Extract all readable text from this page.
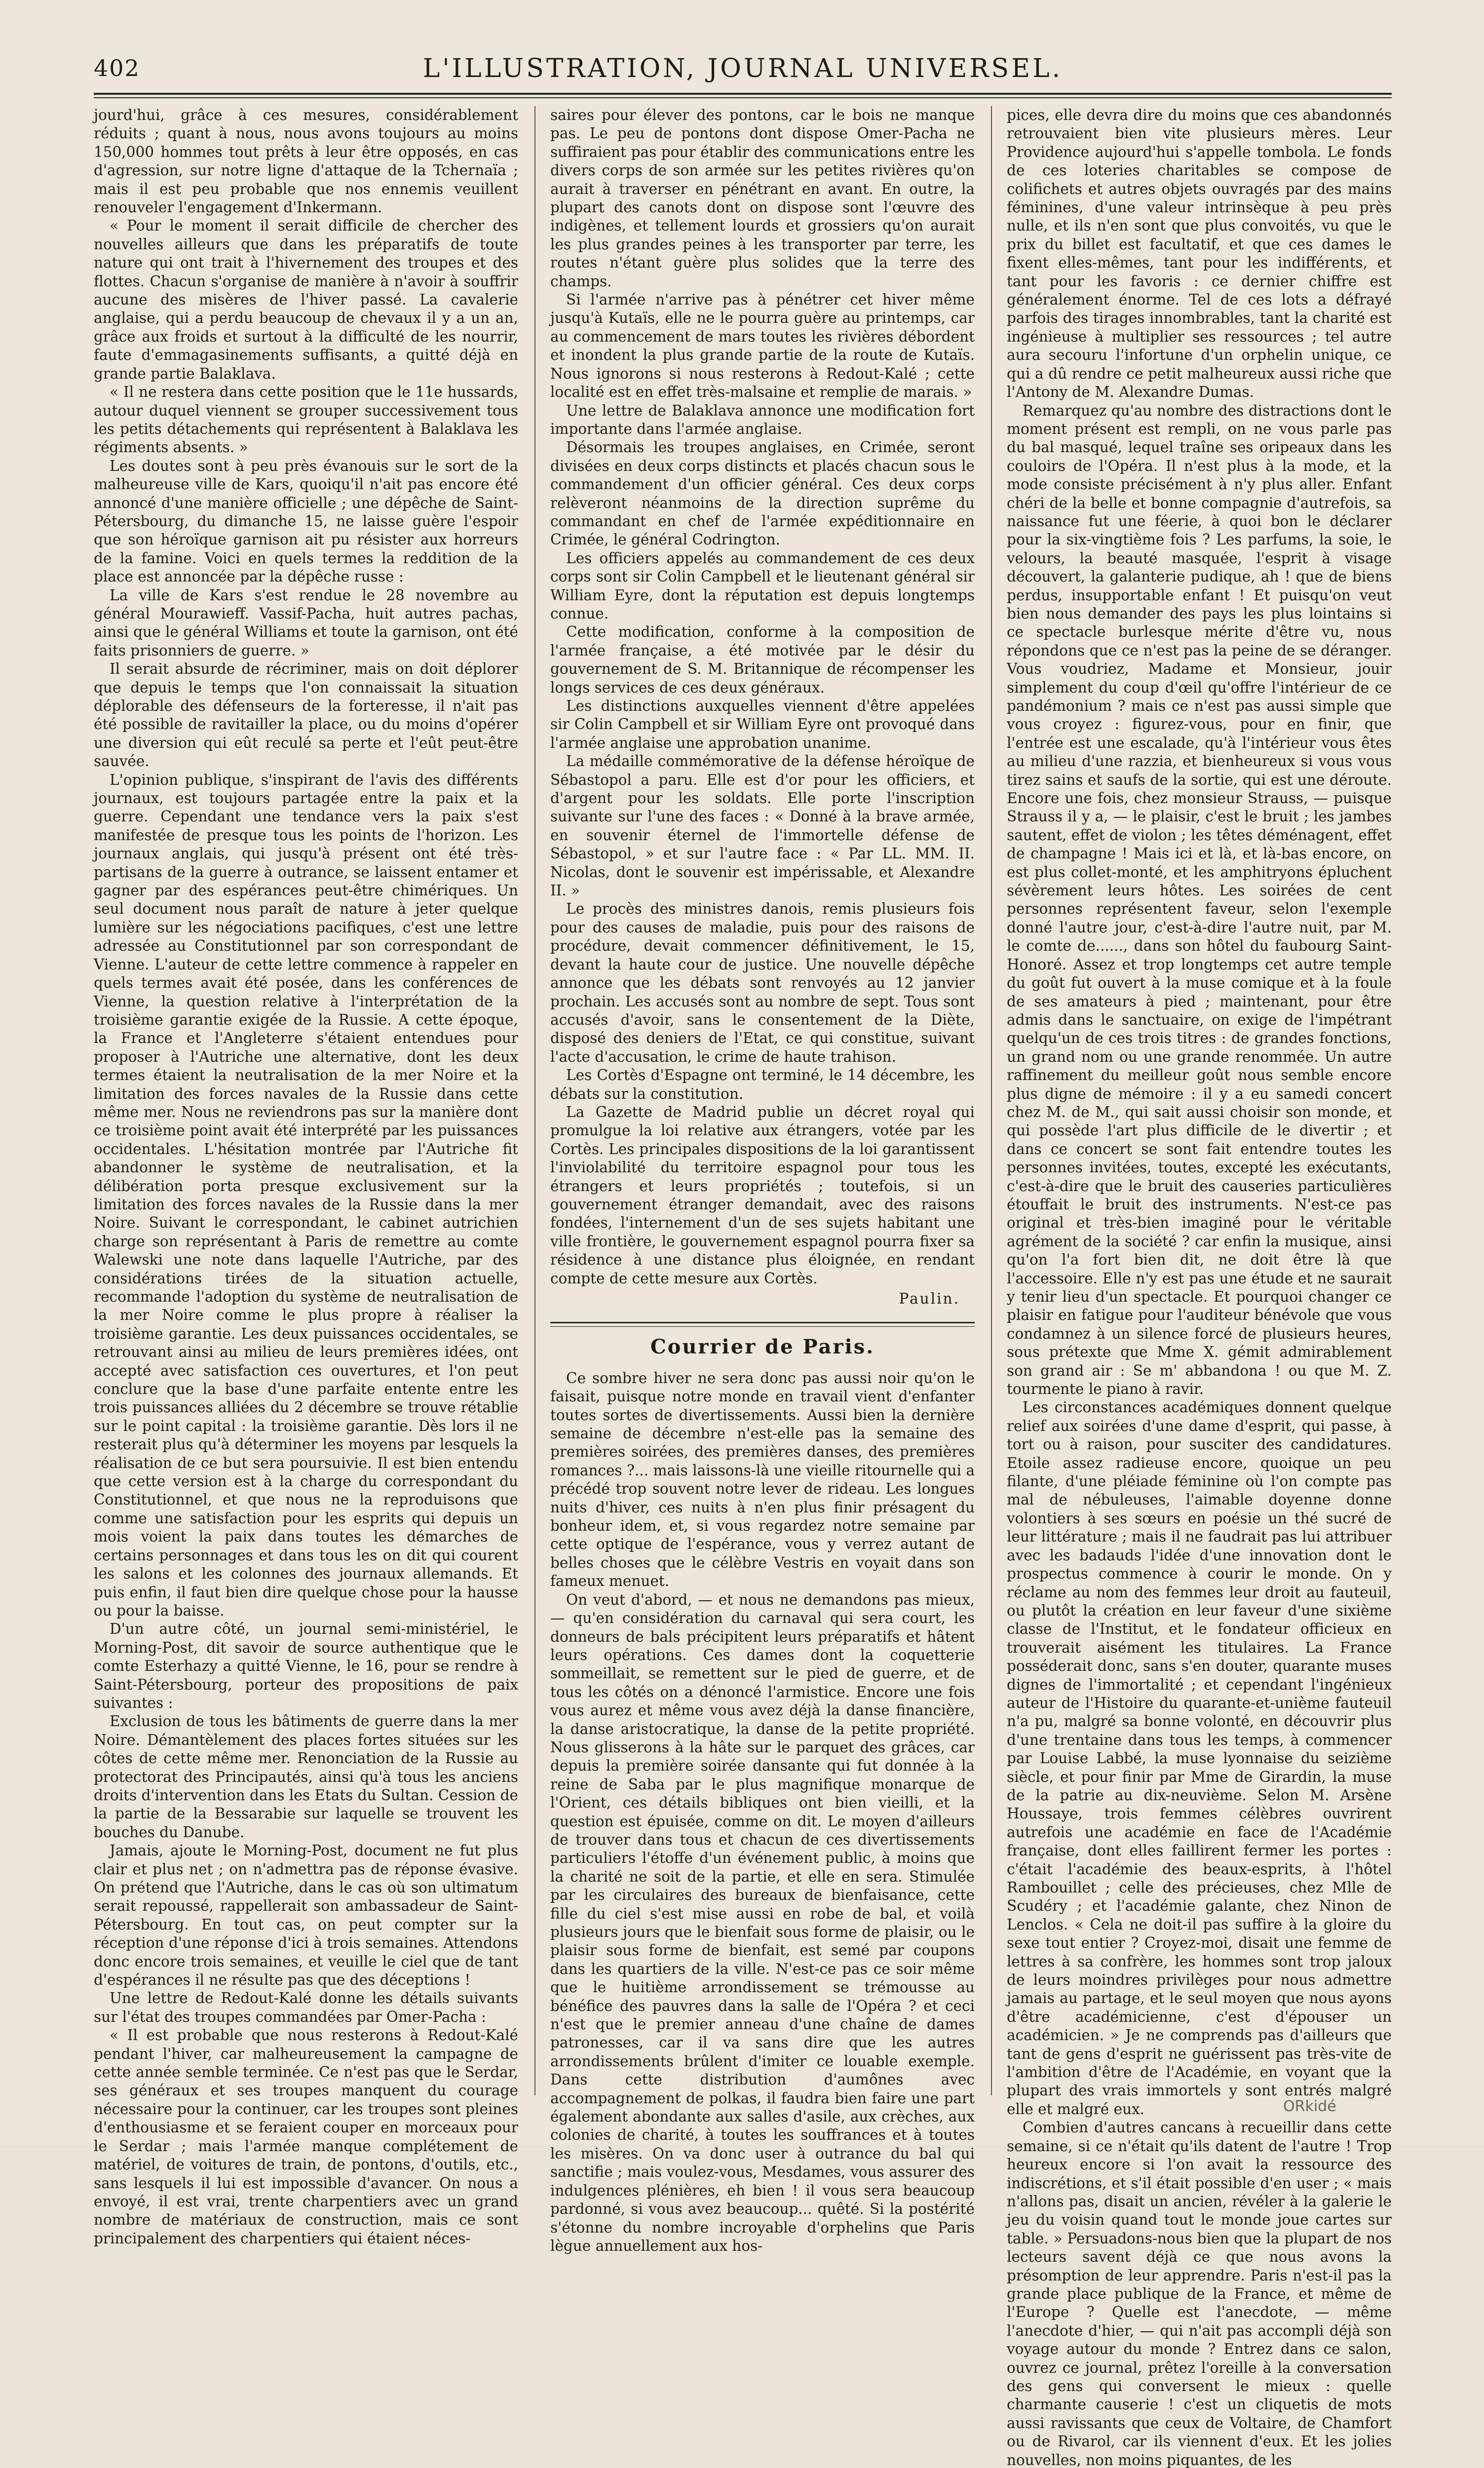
402	L'ILLUSTRATION, JOURNAL UNIVERSEL.

jourd'hui, grâce à ces mesures, considérablement réduits ; quant à nous, nous avons toujours au moins 150,000 hommes tout prêts à leur être opposés, en cas d'agression, sur notre ligne d'attaque de la Tchernaïa ; mais il est peu probable que nos ennemis veuillent renouveler l'engagement d'Inkermann.

« Pour le moment il serait difficile de chercher des nouvelles ailleurs que dans les préparatifs de toute nature qui ont trait à l'hivernement des troupes et des flottes. Chacun s'organise de manière à n'avoir à souffrir aucune des misères de l'hiver passé. La cavalerie anglaise, qui a perdu beaucoup de chevaux il y a un an, grâce aux froids et surtout à la difficulté de les nourrir, faute d'emmagasinements suffisants, a quitté déjà en grande partie Balaklava.

« Il ne restera dans cette position que le 11e hussards, autour duquel viennent se grouper successivement tous les petits détachements qui représentent à Balaklava les régiments absents. »

Les doutes sont à peu près évanouis sur le sort de la malheureuse ville de Kars, quoiqu'il n'ait pas encore été annoncé d'une manière officielle ; une dépêche de Saint-Pétersbourg, du dimanche 15, ne laisse guère l'espoir que son héroïque garnison ait pu résister aux horreurs de la famine. Voici en quels termes la reddition de la place est annoncée par la dépêche russe :

La ville de Kars s'est rendue le 28 novembre au général Mourawieff. Vassif-Pacha, huit autres pachas, ainsi que le général Williams et toute la garnison, ont été faits prisonniers de guerre. »

Il serait absurde de récriminer, mais on doit déplorer que depuis le temps que l'on connaissait la situation déplorable des défenseurs de la forteresse, il n'ait pas été possible de ravitailler la place, ou du moins d'opérer une diversion qui eût reculé sa perte et l'eût peut-être sauvée.

L'opinion publique, s'inspirant de l'avis des différents journaux, est toujours partagée entre la paix et la guerre. Cependant une tendance vers la paix s'est manifestée de presque tous les points de l'horizon. Les journaux anglais, qui jusqu'à présent ont été très-partisans de la guerre à outrance, se laissent entamer et gagner par des espérances peut-être chimériques. Un seul document nous paraît de nature à jeter quelque lumière sur les négociations pacifiques, c'est une lettre adressée au Constitutionnel par son correspondant de Vienne. L'auteur de cette lettre commence à rappeler en quels termes avait été posée, dans les conférences de Vienne, la question relative à l'interprétation de la troisième garantie exigée de la Russie. A cette époque, la France et l'Angleterre s'étaient entendues pour proposer à l'Autriche une alternative, dont les deux termes étaient la neutralisation de la mer Noire et la limitation des forces navales de la Russie dans cette même mer. Nous ne reviendrons pas sur la manière dont ce troisième point avait été interprété par les puissances occidentales. L'hésitation montrée par l'Autriche fit abandonner le système de neutralisation, et la délibération porta presque exclusivement sur la limitation des forces navales de la Russie dans la mer Noire. Suivant le correspondant, le cabinet autrichien charge son représentant à Paris de remettre au comte Walewski une note dans laquelle l'Autriche, par des considérations tirées de la situation actuelle, recommande l'adoption du système de neutralisation de la mer Noire comme le plus propre à réaliser la troisième garantie. Les deux puissances occidentales, se retrouvant ainsi au milieu de leurs premières idées, ont accepté avec satisfaction ces ouvertures, et l'on peut conclure que la base d'une parfaite entente entre les trois puissances alliées du 2 décembre se trouve rétablie sur le point capital : la troisième garantie. Dès lors il ne resterait plus qu'à déterminer les moyens par lesquels la réalisation de ce but sera poursuivie. Il est bien entendu que cette version est à la charge du correspondant du Constitutionnel, et que nous ne la reproduisons que comme une satisfaction pour les esprits qui depuis un mois voient la paix dans toutes les démarches de certains personnages et dans tous les on dit qui courent les salons et les colonnes des journaux allemands. Et puis enfin, il faut bien dire quelque chose pour la hausse ou pour la baisse.

D'un autre côté, un journal semi-ministériel, le Morning-Post, dit savoir de source authentique que le comte Esterhazy a quitté Vienne, le 16, pour se rendre à Saint-Pétersbourg, porteur des propositions de paix suivantes :

Exclusion de tous les bâtiments de guerre dans la mer Noire. Démantèlement des places fortes situées sur les côtes de cette même mer. Renonciation de la Russie au protectorat des Principautés, ainsi qu'à tous les anciens droits d'intervention dans les Etats du Sultan. Cession de la partie de la Bessarabie sur laquelle se trouvent les bouches du Danube.

Jamais, ajoute le Morning-Post, document ne fut plus clair et plus net ; on n'admettra pas de réponse évasive. On prétend que l'Autriche, dans le cas où son ultimatum serait repoussé, rappellerait son ambassadeur de Saint-Pétersbourg. En tout cas, on peut compter sur la réception d'une réponse d'ici à trois semaines. Attendons donc encore trois semaines, et veuille le ciel que de tant d'espérances il ne résulte pas que des déceptions !

Une lettre de Redout-Kalé donne les détails suivants sur l'état des troupes commandées par Omer-Pacha :

« Il est probable que nous resterons à Redout-Kalé pendant l'hiver, car malheureusement la campagne de cette année semble terminée. Ce n'est pas que le Serdar, ses généraux et ses troupes manquent du courage nécessaire pour la continuer, car les troupes sont pleines d'enthousiasme et se feraient couper en morceaux pour le Serdar ; mais l'armée manque complétement de matériel, de voitures de train, de pontons, d'outils, etc., sans lesquels il lui est impossible d'avancer. On nous a envoyé, il est vrai, trente charpentiers avec un grand nombre de matériaux de construction, mais ce sont principalement des charpentiers qui étaient néces-

saires pour élever des pontons, car le bois ne manque pas. Le peu de pontons dont dispose Omer-Pacha ne suffiraient pas pour établir des communications entre les divers corps de son armée sur les petites rivières qu'on aurait à traverser en pénétrant en avant. En outre, la plupart des canots dont on dispose sont l'œuvre des indigènes, et tellement lourds et grossiers qu'on aurait les plus grandes peines à les transporter par terre, les routes n'étant guère plus solides que la terre des champs.

Si l'armée n'arrive pas à pénétrer cet hiver même jusqu'à Kutaïs, elle ne le pourra guère au printemps, car au commencement de mars toutes les rivières débordent et inondent la plus grande partie de la route de Kutaïs. Nous ignorons si nous resterons à Redout-Kalé ; cette localité est en effet très-malsaine et remplie de marais. »

Une lettre de Balaklava annonce une modification fort importante dans l'armée anglaise.

Désormais les troupes anglaises, en Crimée, seront divisées en deux corps distincts et placés chacun sous le commandement d'un officier général. Ces deux corps relèveront néanmoins de la direction suprême du commandant en chef de l'armée expéditionnaire en Crimée, le général Codrington.

Les officiers appelés au commandement de ces deux corps sont sir Colin Campbell et le lieutenant général sir William Eyre, dont la réputation est depuis longtemps connue.

Cette modification, conforme à la composition de l'armée française, a été motivée par le désir du gouvernement de S. M. Britannique de récompenser les longs services de ces deux généraux.

Les distinctions auxquelles viennent d'être appelées sir Colin Campbell et sir William Eyre ont provoqué dans l'armée anglaise une approbation unanime.

La médaille commémorative de la défense héroïque de Sébastopol a paru. Elle est d'or pour les officiers, et d'argent pour les soldats. Elle porte l'inscription suivante sur l'une des faces : « Donné à la brave armée, en souvenir éternel de l'immortelle défense de Sébastopol, » et sur l'autre face : « Par LL. MM. II. Nicolas, dont le souvenir est impérissable, et Alexandre II. »

Le procès des ministres danois, remis plusieurs fois pour des causes de maladie, puis pour des raisons de procédure, devait commencer définitivement, le 15, devant la haute cour de justice. Une nouvelle dépêche annonce que les débats sont renvoyés au 12 janvier prochain. Les accusés sont au nombre de sept. Tous sont accusés d'avoir, sans le consentement de la Diète, disposé des deniers de l'Etat, ce qui constitue, suivant l'acte d'accusation, le crime de haute trahison.

Les Cortès d'Espagne ont terminé, le 14 décembre, les débats sur la constitution.

La Gazette de Madrid publie un décret royal qui promulgue la loi relative aux étrangers, votée par les Cortès. Les principales dispositions de la loi garantissent l'inviolabilité du territoire espagnol pour tous les étrangers et leurs propriétés ; toutefois, si un gouvernement étranger demandait, avec des raisons fondées, l'internement d'un de ses sujets habitant une ville frontière, le gouvernement espagnol pourra fixer sa résidence à une distance plus éloignée, en rendant compte de cette mesure aux Cortès.

Paulin.

Courrier de Paris.

Ce sombre hiver ne sera donc pas aussi noir qu'on le faisait, puisque notre monde en travail vient d'enfanter toutes sortes de divertissements. Aussi bien la dernière semaine de décembre n'est-elle pas la semaine des premières soirées, des premières danses, des premières romances ?... mais laissons-là une vieille ritournelle qui a précédé trop souvent notre lever de rideau. Les longues nuits d'hiver, ces nuits à n'en plus finir présagent du bonheur idem, et, si vous regardez notre semaine par cette optique de l'espérance, vous y verrez autant de belles choses que le célèbre Vestris en voyait dans son fameux menuet.

On veut d'abord, — et nous ne demandons pas mieux, — qu'en considération du carnaval qui sera court, les donneurs de bals précipitent leurs préparatifs et hâtent leurs opérations. Ces dames dont la coquetterie sommeillait, se remettent sur le pied de guerre, et de tous les côtés on a dénoncé l'armistice. Encore une fois vous aurez et même vous avez déjà la danse financière, la danse aristocratique, la danse de la petite propriété. Nous glisserons à la hâte sur le parquet des grâces, car depuis la première soirée dansante qui fut donnée à la reine de Saba par le plus magnifique monarque de l'Orient, ces détails bibliques ont bien vieilli, et la question est épuisée, comme on dit. Le moyen d'ailleurs de trouver dans tous et chacun de ces divertissements particuliers l'étoffe d'un événement public, à moins que la charité ne soit de la partie, et elle en sera. Stimulée par les circulaires des bureaux de bienfaisance, cette fille du ciel s'est mise aussi en robe de bal, et voilà plusieurs jours que le bienfait sous forme de plaisir, ou le plaisir sous forme de bienfait, est semé par coupons dans les quartiers de la ville. N'est-ce pas ce soir même que le huitième arrondissement se trémousse au bénéfice des pauvres dans la salle de l'Opéra ? et ceci n'est que le premier anneau d'une chaîne de dames patronesses, car il va sans dire que les autres arrondissements brûlent d'imiter ce louable exemple. Dans cette distribution d'aumônes avec accompagnement de polkas, il faudra bien faire une part également abondante aux salles d'asile, aux crèches, aux colonies de charité, à toutes les souffrances et à toutes les misères. On va donc user à outrance du bal qui sanctifie ; mais voulez-vous, Mesdames, vous assurer des indulgences plénières, eh bien ! il vous sera beaucoup pardonné, si vous avez beaucoup... quêté. Si la postérité s'étonne du nombre incroyable d'orphelins que Paris lègue annuellement aux hos-

pices, elle devra dire du moins que ces abandonnés retrouvaient bien vite plusieurs mères. Leur Providence aujourd'hui s'appelle tombola. Le fonds de ces loteries charitables se compose de colifichets et autres objets ouvragés par des mains féminines, d'une valeur intrinsèque à peu près nulle, et ils n'en sont que plus convoités, vu que le prix du billet est facultatif, et que ces dames le fixent elles-mêmes, tant pour les indifférents, et tant pour les favoris : ce dernier chiffre est généralement énorme. Tel de ces lots a défrayé parfois des tirages innombrables, tant la charité est ingénieuse à multiplier ses ressources ; tel autre aura secouru l'infortune d'un orphelin unique, ce qui a dû rendre ce petit malheureux aussi riche que l'Antony de M. Alexandre Dumas.

Remarquez qu'au nombre des distractions dont le moment présent est rempli, on ne vous parle pas du bal masqué, lequel traîne ses oripeaux dans les couloirs de l'Opéra. Il n'est plus à la mode, et la mode consiste précisément à n'y plus aller. Enfant chéri de la belle et bonne compagnie d'autrefois, sa naissance fut une féerie, à quoi bon le déclarer pour la six-vingtième fois ? Les parfums, la soie, le velours, la beauté masquée, l'esprit à visage découvert, la galanterie pudique, ah ! que de biens perdus, insupportable enfant ! Et puisqu'on veut bien nous demander des pays les plus lointains si ce spectacle burlesque mérite d'être vu, nous répondons que ce n'est pas la peine de se déranger. Vous voudriez, Madame et Monsieur, jouir simplement du coup d'œil qu'offre l'intérieur de ce pandémonium ? mais ce n'est pas aussi simple que vous croyez : figurez-vous, pour en finir, que l'entrée est une escalade, qu'à l'intérieur vous êtes au milieu d'une razzia, et bienheureux si vous vous tirez sains et saufs de la sortie, qui est une déroute. Encore une fois, chez monsieur Strauss, — puisque Strauss il y a, — le plaisir, c'est le bruit ; les jambes sautent, effet de violon ; les têtes déménagent, effet de champagne ! Mais ici et là, et là-bas encore, on est plus collet-monté, et les amphitryons épluchent sévèrement leurs hôtes. Les soirées de cent personnes représentent faveur, selon l'exemple donné l'autre jour, c'est-à-dire l'autre nuit, par M. le comte de......, dans son hôtel du faubourg Saint-Honoré. Assez et trop longtemps cet autre temple du goût fut ouvert à la muse comique et à la foule de ses amateurs à pied ; maintenant, pour être admis dans le sanctuaire, on exige de l'impétrant quelqu'un de ces trois titres : de grandes fonctions, un grand nom ou une grande renommée. Un autre raffinement du meilleur goût nous semble encore plus digne de mémoire : il y a eu samedi concert chez M. de M., qui sait aussi choisir son monde, et qui possède l'art plus difficile de le divertir ; et dans ce concert se sont fait entendre toutes les personnes invitées, toutes, excepté les exécutants, c'est-à-dire que le bruit des causeries particulières étouffait le bruit des instruments. N'est-ce pas original et très-bien imaginé pour le véritable agrément de la société ? car enfin la musique, ainsi qu'on l'a fort bien dit, ne doit être là que l'accessoire. Elle n'y est pas une étude et ne saurait y tenir lieu d'un spectacle. Et pourquoi changer ce plaisir en fatigue pour l'auditeur bénévole que vous condamnez à un silence forcé de plusieurs heures, sous prétexte que Mme X. gémit admirablement son grand air : Se m' abbandona ! ou que M. Z. tourmente le piano à ravir.

Les circonstances académiques donnent quelque relief aux soirées d'une dame d'esprit, qui passe, à tort ou à raison, pour susciter des candidatures. Etoile assez radieuse encore, quoique un peu filante, d'une pléiade féminine où l'on compte pas mal de nébuleuses, l'aimable doyenne donne volontiers à ses sœurs en poésie un thé sucré de leur littérature ; mais il ne faudrait pas lui attribuer avec les badauds l'idée d'une innovation dont le prospectus commence à courir le monde. On y réclame au nom des femmes leur droit au fauteuil, ou plutôt la création en leur faveur d'une sixième classe de l'Institut, et le fondateur officieux en trouverait aisément les titulaires. La France posséderait donc, sans s'en douter, quarante muses dignes de l'immortalité ; et cependant l'ingénieux auteur de l'Histoire du quarante-et-unième fauteuil n'a pu, malgré sa bonne volonté, en découvrir plus d'une trentaine dans tous les temps, à commencer par Louise Labbé, la muse lyonnaise du seizième siècle, et pour finir par Mme de Girardin, la muse de la patrie au dix-neuvième. Selon M. Arsène Houssaye, trois femmes célèbres ouvrirent autrefois une académie en face de l'Académie française, dont elles faillirent fermer les portes : c'était l'académie des beaux-esprits, à l'hôtel Rambouillet ; celle des précieuses, chez Mlle de Scudéry ; et l'académie galante, chez Ninon de Lenclos. « Cela ne doit-il pas suffire à la gloire du sexe tout entier ? Croyez-moi, disait une femme de lettres à sa confrère, les hommes sont trop jaloux de leurs moindres privilèges pour nous admettre jamais au partage, et le seul moyen que nous ayons d'être académicienne, c'est d'épouser un académicien. » Je ne comprends pas d'ailleurs que tant de gens d'esprit ne guérissent pas très-vite de l'ambition d'être de l'Académie, en voyant que la plupart des vrais immortels y sont entrés malgré elle et malgré eux.

Combien d'autres cancans à recueillir dans cette semaine, si ce n'était qu'ils datent de l'autre ! Trop heureux encore si l'on avait la ressource des indiscrétions, et s'il était possible d'en user ; « mais n'allons pas, disait un ancien, révéler à la galerie le jeu du voisin quand tout le monde joue cartes sur table. » Persuadons-nous bien que la plupart de nos lecteurs savent déjà ce que nous avons la présomption de leur apprendre. Paris n'est-il pas la grande place publique de la France, et même de l'Europe ? Quelle est l'anecdote, — même l'anecdote d'hier, — qui n'ait pas accompli déjà son voyage autour du monde ? Entrez dans ce salon, ouvrez ce journal, prêtez l'oreille à la conversation des gens qui conversent le mieux : quelle charmante causerie ! c'est un cliquetis de mots aussi ravissants que ceux de Voltaire, de Chamfort ou de Rivarol, car ils viennent d'eux. Et les jolies nouvelles, non moins piquantes, de les

ORkidé
